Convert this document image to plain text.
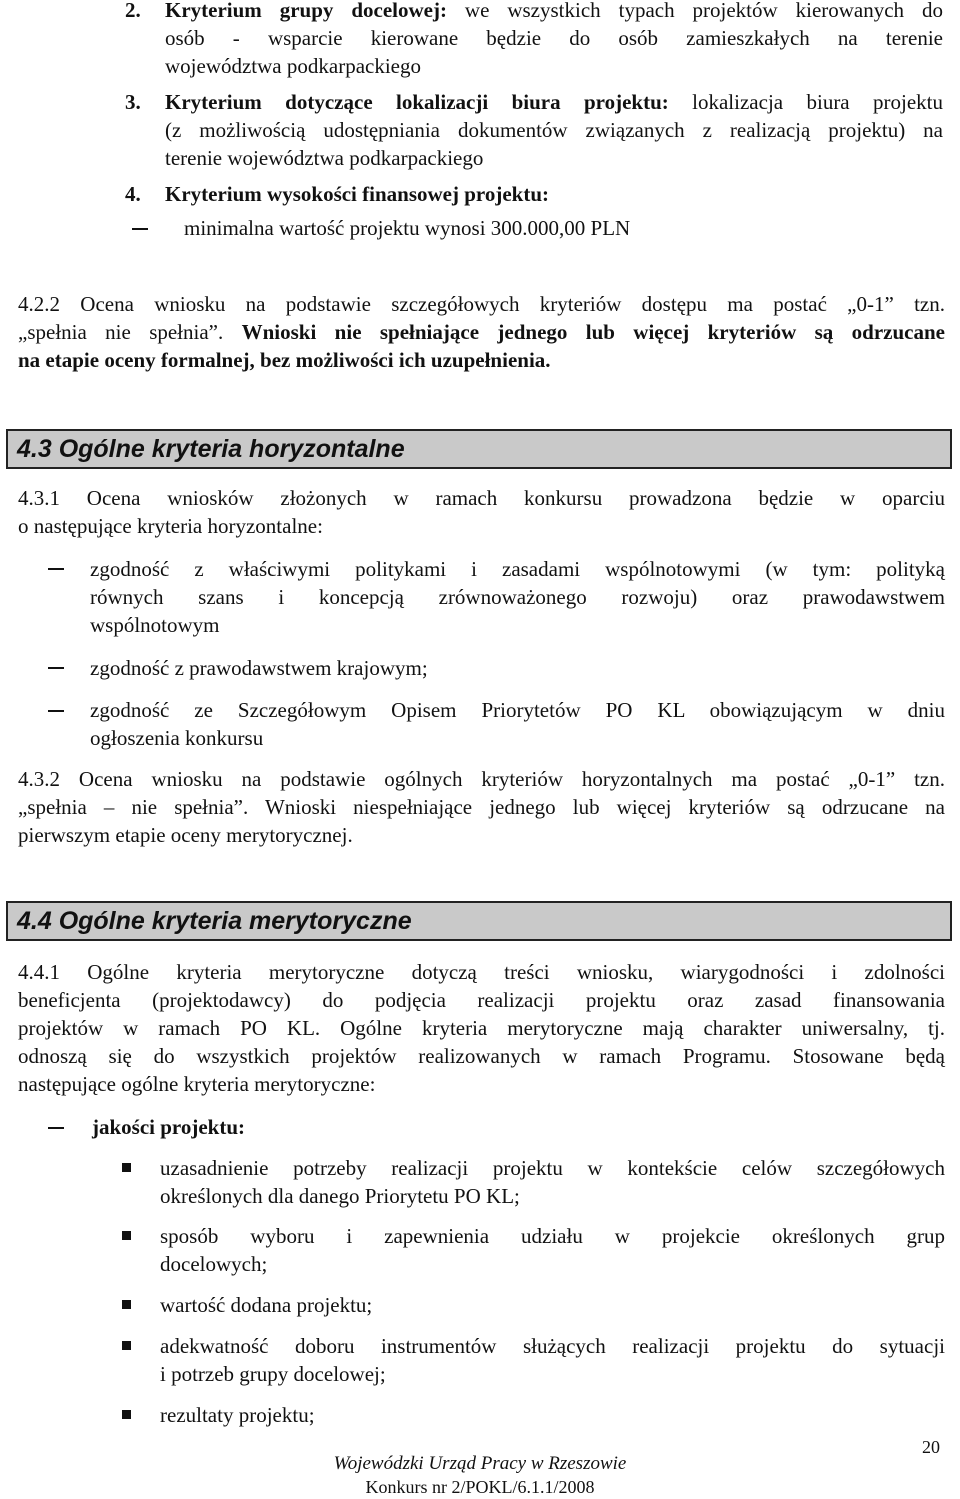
2. Kryterium grupy docelowej: we wszystkich typach projektów kierowanych do
osób - wsparcie kierowane będzie do osób zamieszkałych na terenie
województwa podkarpackiego
3. Kryterium dotyczące lokalizacji biura projektu: lokalizacja biura projektu
(z możliwością udostępniania dokumentów związanych z realizacją projektu) na
terenie województwa podkarpackiego
4. Kryterium wysokości finansowej projektu:
minimalna wartość projektu wynosi 300.000,00 PLN
4.2.2 Ocena wniosku na podstawie szczegółowych kryteriów dostępu ma postać „0-1” tzn.
„spełnia nie spełnia”. Wnioski nie spełniające jednego lub więcej kryteriów są odrzucane
na etapie oceny formalnej, bez możliwości ich uzupełnienia.
4.3 Ogólne kryteria horyzontalne
4.3.1 Ocena wniosków złożonych w ramach konkursu prowadzona będzie w oparciu
o następujące kryteria horyzontalne:
zgodność z właściwymi politykami i zasadami wspólnotowymi (w tym: polityką
równych szans i koncepcją zrównoważonego rozwoju) oraz prawodawstwem
wspólnotowym
zgodność z prawodawstwem krajowym;
zgodność ze Szczegółowym Opisem Priorytetów PO KL obowiązującym w dniu
ogłoszenia konkursu
4.3.2 Ocena wniosku na podstawie ogólnych kryteriów horyzontalnych ma postać „0-1” tzn.
„spełnia – nie spełnia”. Wnioski niespełniające jednego lub więcej kryteriów są odrzucane na
pierwszym etapie oceny merytorycznej.
4.4 Ogólne kryteria merytoryczne
4.4.1 Ogólne kryteria merytoryczne dotyczą treści wniosku, wiarygodności i zdolności
beneficjenta (projektodawcy) do podjęcia realizacji projektu oraz zasad finansowania
projektów w ramach PO KL. Ogólne kryteria merytoryczne mają charakter uniwersalny, tj.
odnoszą się do wszystkich projektów realizowanych w ramach Programu. Stosowane będą
następujące ogólne kryteria merytoryczne:
jakości projektu:
uzasadnienie potrzeby realizacji projektu w kontekście celów szczegółowych
określonych dla danego Priorytetu PO KL;
sposób wyboru i zapewnienia udziału w projekcie określonych grup
docelowych;
wartość dodana projektu;
adekwatność doboru instrumentów służących realizacji projektu do sytuacji
i potrzeb grupy docelowej;
rezultaty projektu;
20
Wojewódzki Urząd Pracy w Rzeszowie
Konkurs nr 2/POKL/6.1.1/2008
